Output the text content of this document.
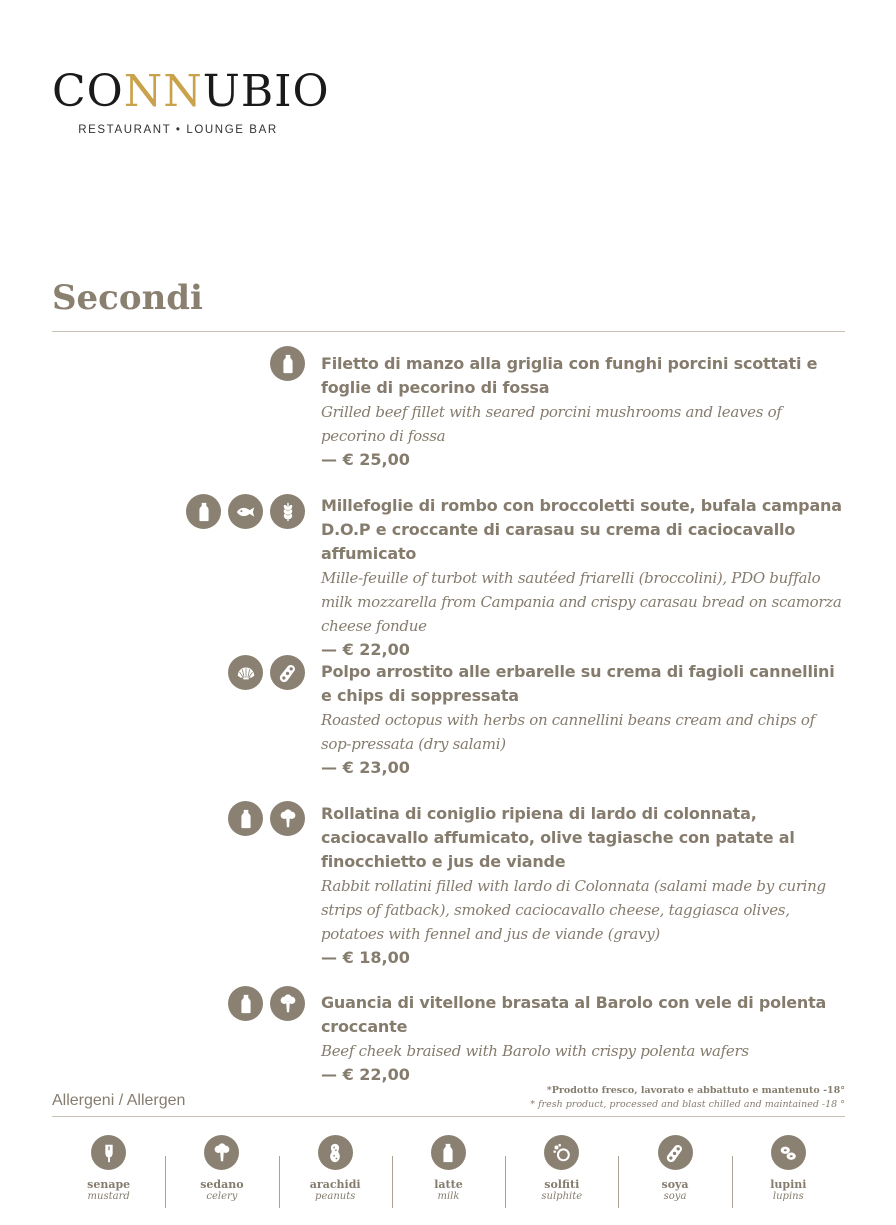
CO NN UBIO
RESTAURANT • LOUNGE BAR
Secondi
Filetto di manzo alla griglia con funghi porcini scottati e foglie di pecorino di fossa
Grilled beef fillet with seared porcini mushrooms and leaves of pecorino di fossa
— € 25,00
Millefoglie di rombo con broccoletti soute, bufala campana D.O.P e croccante di carasau su crema di caciocavallo affumicato
Mille-feuille of turbot with sautéed friarelli (broccolini), PDO buffalo milk mozzarella from Campania and crispy carasau bread on scamorza cheese fondue
— € 22,00
Polpo arrostito alle erbarelle su crema di fagioli cannellini e chips di soppressata
Roasted octopus with herbs on cannellini beans cream and chips of sop-pressata (dry salami)
— € 23,00
Rollatina di coniglio ripiena di lardo di colonnata, caciocavallo affumicato, olive tagiasche con patate al finocchietto e jus de viande
Rabbit rollatini filled with lardo di Colonnata (salami made by curing strips of fatback), smoked caciocavallo cheese, taggiasca olives, potatoes with fennel and jus de viande (gravy)
— € 18,00
Guancia di vitellone brasata al Barolo con vele di polenta croccante
Beef cheek braised with Barolo with crispy polenta wafers
— € 22,00
Allergeni / Allergen
*Prodotto fresco, lavorato e abbattuto e mantenuto -18°
* fresh product, processed and blast chilled and maintained -18 °
senape
mustard
sedano
celery
arachidi
peanuts
latte
milk
solfiti
sulphite
soya
soya
lupini
lupins
